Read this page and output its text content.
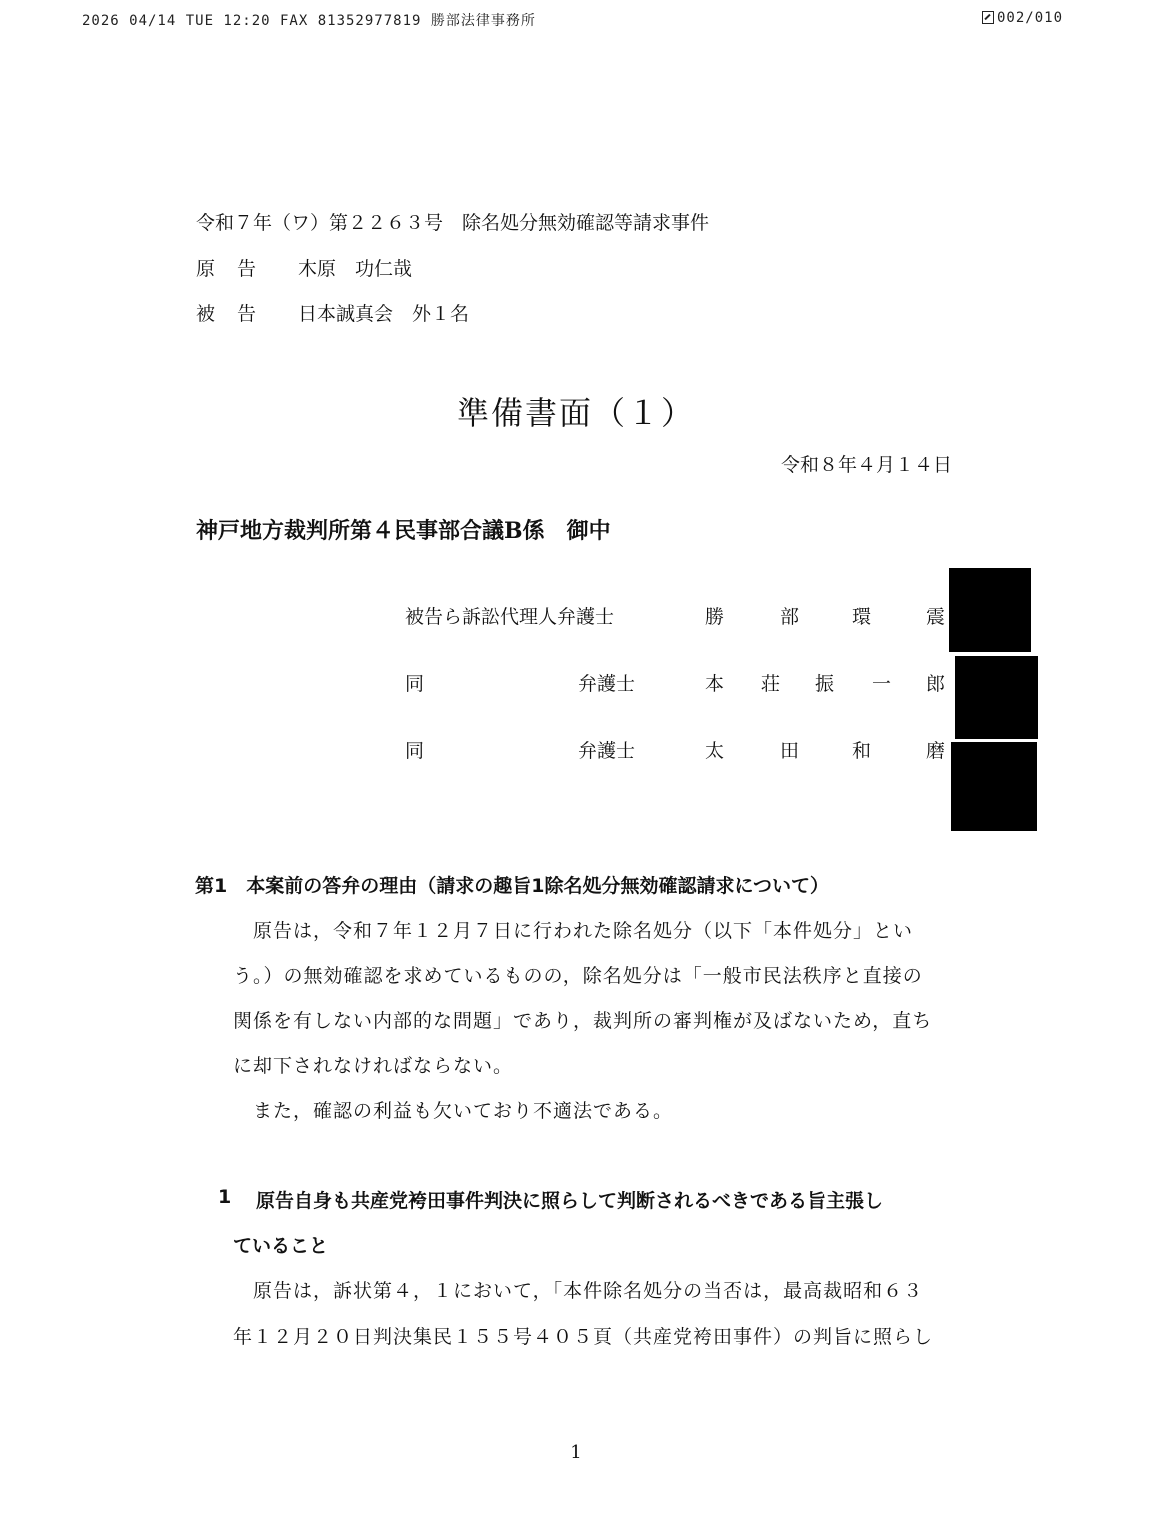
2026 04/14 TUE 12:20 FAX 81352977819 勝部法律事務所	002/010
令和７年（ワ）第２２６３号　除名処分無効確認等請求事件
原告 木原　功仁哉
被告 日本誠真会　外１名
準備書面（１）
令和８年４月１４日
神戸地方裁判所第４民事部合議B係　御中
被告ら訴訟代理人弁護士	勝	部	環	震
同	弁護士	本 荘 振 一 郎
同	弁護士	太	田	和	磨
第1　本案前の答弁の理由（請求の趣旨1除名処分無効確認請求について）
原告は，令和７年１２月７日に行われた除名処分（以下「本件処分」とい
う。）の無効確認を求めているものの，除名処分は「一般市民法秩序と直接の
関係を有しない内部的な問題」であり，裁判所の審判権が及ばないため，直ち
に却下されなければならない。
また，確認の利益も欠いており不適法である。
1 原告自身も共産党袴田事件判決に照らして判断されるべきである旨主張し
ていること
原告は，訴状第４，１において，「本件除名処分の当否は，最高裁昭和６３
年１２月２０日判決集民１５５号４０５頁（共産党袴田事件）の判旨に照らし
1
